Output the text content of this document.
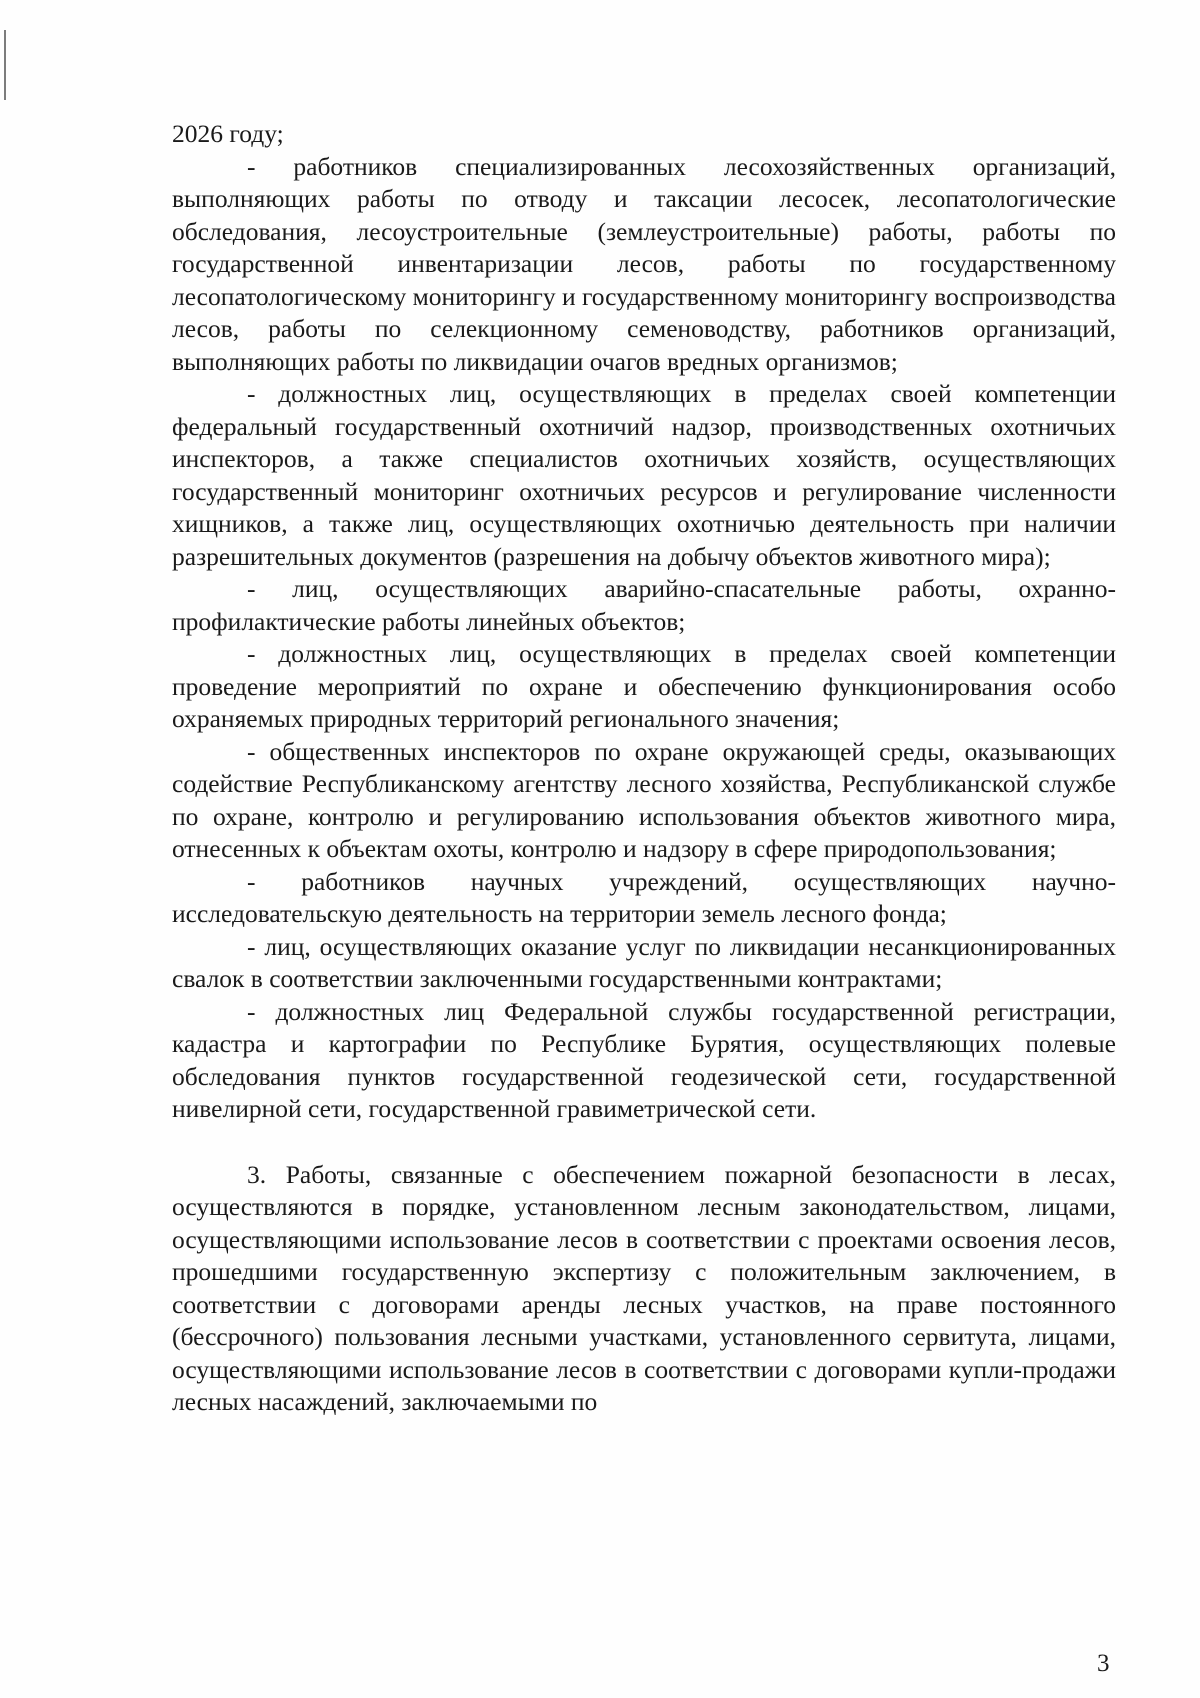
2026 году;

- работников специализированных лесохозяйственных организаций, выполняющих работы по отводу и таксации лесосек, лесопатологические обследования, лесоустроительные (землеустроительные) работы, работы по государственной инвентаризации лесов, работы по государственному лесопатологическому мониторингу и государственному мониторингу воспроизводства лесов, работы по селекционному семеноводству, работников организаций, выполняющих работы по ликвидации очагов вредных организмов;

- должностных лиц, осуществляющих в пределах своей компетенции федеральный государственный охотничий надзор, производственных охотничьих инспекторов, а также специалистов охотничьих хозяйств, осуществляющих государственный мониторинг охотничьих ресурсов и регулирование численности хищников, а также лиц, осуществляющих охотничью деятельность при наличии разрешительных документов (разрешения на добычу объектов животного мира);

- лиц, осуществляющих аварийно-спасательные работы, охранно-профилактические работы линейных объектов;

- должностных лиц, осуществляющих в пределах своей компетенции проведение мероприятий по охране и обеспечению функционирования особо охраняемых природных территорий регионального значения;

- общественных инспекторов по охране окружающей среды, оказывающих содействие Республиканскому агентству лесного хозяйства, Республиканской службе по охране, контролю и регулированию использования объектов животного мира, отнесенных к объектам охоты, контролю и надзору в сфере природопользования;

- работников научных учреждений, осуществляющих научно-исследовательскую деятельность на территории земель лесного фонда;

- лиц, осуществляющих оказание услуг по ликвидации несанкционированных свалок в соответствии заключенными государственными контрактами;

- должностных лиц Федеральной службы государственной регистрации, кадастра и картографии по Республике Бурятия, осуществляющих полевые обследования пунктов государственной геодезической сети, государственной нивелирной сети, государственной гравиметрической сети.

3. Работы, связанные с обеспечением пожарной безопасности в лесах, осуществляются в порядке, установленном лесным законодательством, лицами, осуществляющими использование лесов в соответствии с проектами освоения лесов, прошедшими государственную экспертизу с положительным заключением, в соответствии с договорами аренды лесных участков, на праве постоянного (бессрочного) пользования лесными участками, установленного сервитута, лицами, осуществляющими использование лесов в соответствии с договорами купли-продажи лесных насаждений, заключаемыми по

3
